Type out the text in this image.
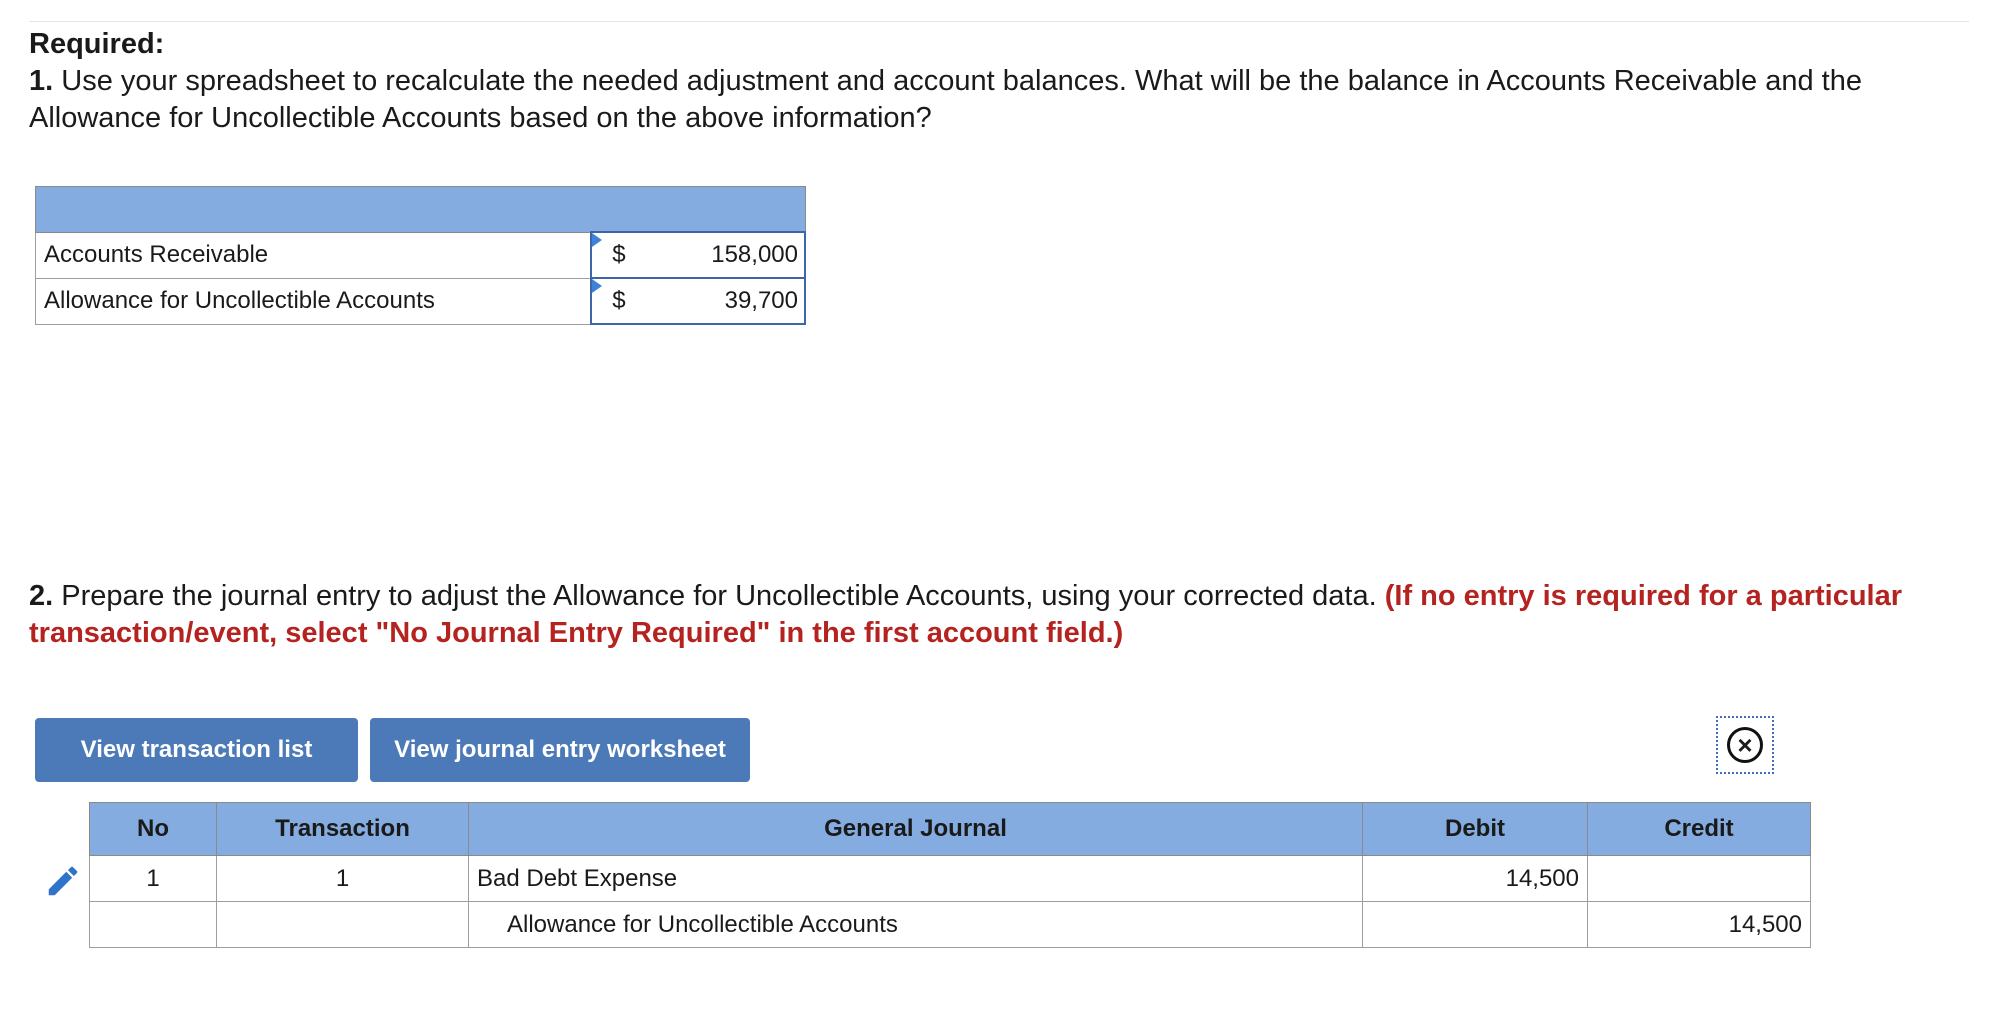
Required:
1. Use your spreadsheet to recalculate the needed adjustment and account balances. What will be the balance in Accounts Receivable and the Allowance for Uncollectible Accounts based on the above information?

Accounts Receivable	$ 158,000

Allowance for Uncollectible Accounts	$ 39,700
2. Prepare the journal entry to adjust the Allowance for Uncollectible Accounts, using your corrected data. (If no entry is required for a particular transaction/event, select "No Journal Entry Required" in the first account field.)
View transaction list	View journal entry worksheet	×
No	Transaction	General Journal	Debit	Credit
1	1	Bad Debt Expense	14,500	
		Allowance for Uncollectible Accounts		14,500
